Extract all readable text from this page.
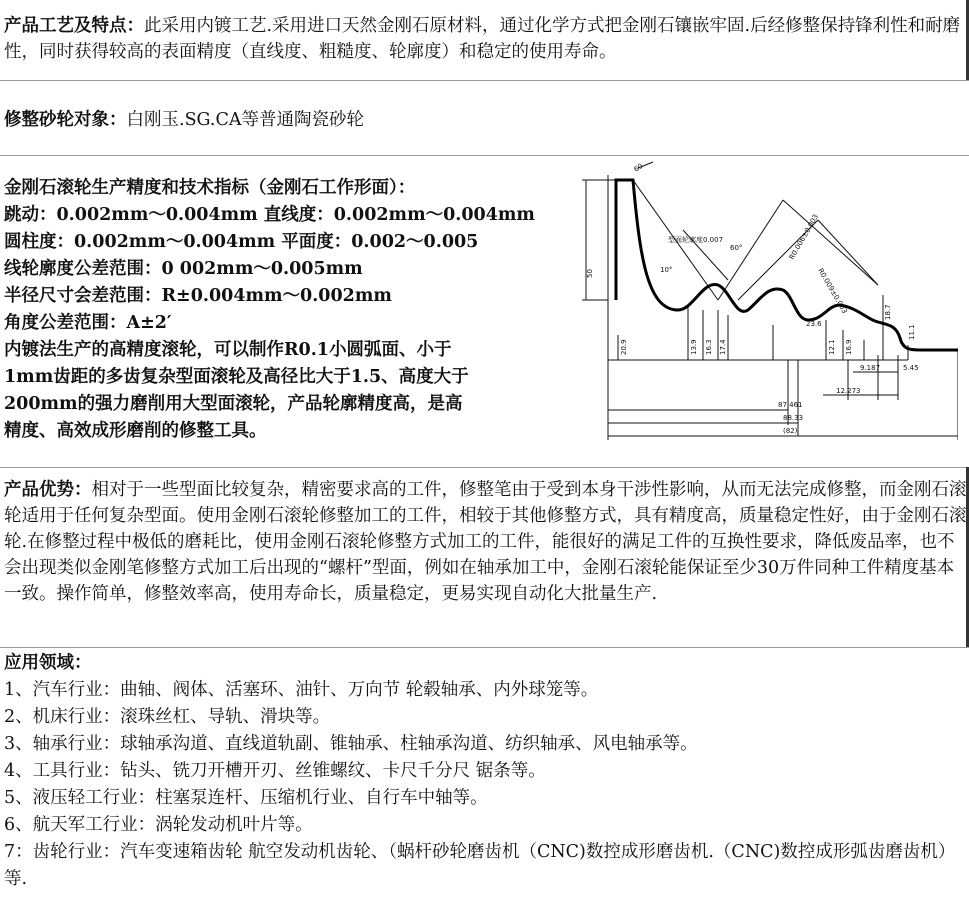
产品工艺及特点：此采用内镀工艺.采用进口天然金刚石原材料，通过化学方式把金刚石镶嵌牢固.后经修整保持锋利性和耐磨性，同时获得较高的表面精度（直线度、粗糙度、轮廓度）和稳定的使用寿命。
修整砂轮对象：白刚玉.SG.CA等普通陶瓷砂轮
金刚石滚轮生产精度和技术指标（金刚石工作形面）：
跳动：0.002mm～0.004mm 直线度：0.002mm～0.004mm
圆柱度：0.002mm～0.004mm 平面度：0.002～0.005
线轮廓度公差范围：0 002mm～0.005mm
半径尺寸会差范围：R±0.004mm～0.002mm
角度公差范围：A±2′
内镀法生产的高精度滚轮，可以制作R0.1小圆弧面、小于
1mm齿距的多齿复杂型面滚轮及高径比大于1.5、高度大于
200mm的强力磨削用大型面滚轮，产品轮廓精度高，是高
精度、高效成形磨削的修整工具。
60
型面轮廓度0.007
60°	R0.006±0.003
R0.009±0.003
50	10°
20.9	13.9 16.3 17.4
23.6
12.1 16.9
18.7
11.1
9.187
12.273
5.45
87.461
88.33
(82)
产品优势：相对于一些型面比较复杂，精密要求高的工件，修整笔由于受到本身干涉性影响，从而无法完成修整，而金刚石滚轮适用于任何复杂型面。使用金刚石滚轮修整加工的工件，相较于其他修整方式，具有精度高，质量稳定性好，由于金刚石滚轮.在修整过程中极低的磨耗比，使用金刚石滚轮修整方式加工的工件，能很好的满足工件的互换性要求，降低废品率，也不会出现类似金刚笔修整方式加工后出现的“螺杆”型面，例如在轴承加工中，金刚石滚轮能保证至少30万件同种工件精度基本一致。操作简单，修整效率高，使用寿命长，质量稳定，更易实现自动化大批量生产.
应用领域：
1、汽车行业：曲轴、阀体、活塞环、油针、万向节 轮毂轴承、内外球笼等。
2、机床行业：滚珠丝杠、导轨、滑块等。
3、轴承行业：球轴承沟道、直线道轨副、锥轴承、柱轴承沟道、纺织轴承、风电轴承等。
4、工具行业：钻头、铣刀开槽开刃、丝锥螺纹、卡尺千分尺 锯条等。
5、液压轻工行业：柱塞泵连杆、压缩机行业、自行车中轴等。
6、航天军工行业：涡轮发动机叶片等。
7：齿轮行业：汽车变速箱齿轮 航空发动机齿轮、（蜗杆砂轮磨齿机（CNC)数控成形磨齿机.（CNC)数控成形弧齿磨齿机）等.
